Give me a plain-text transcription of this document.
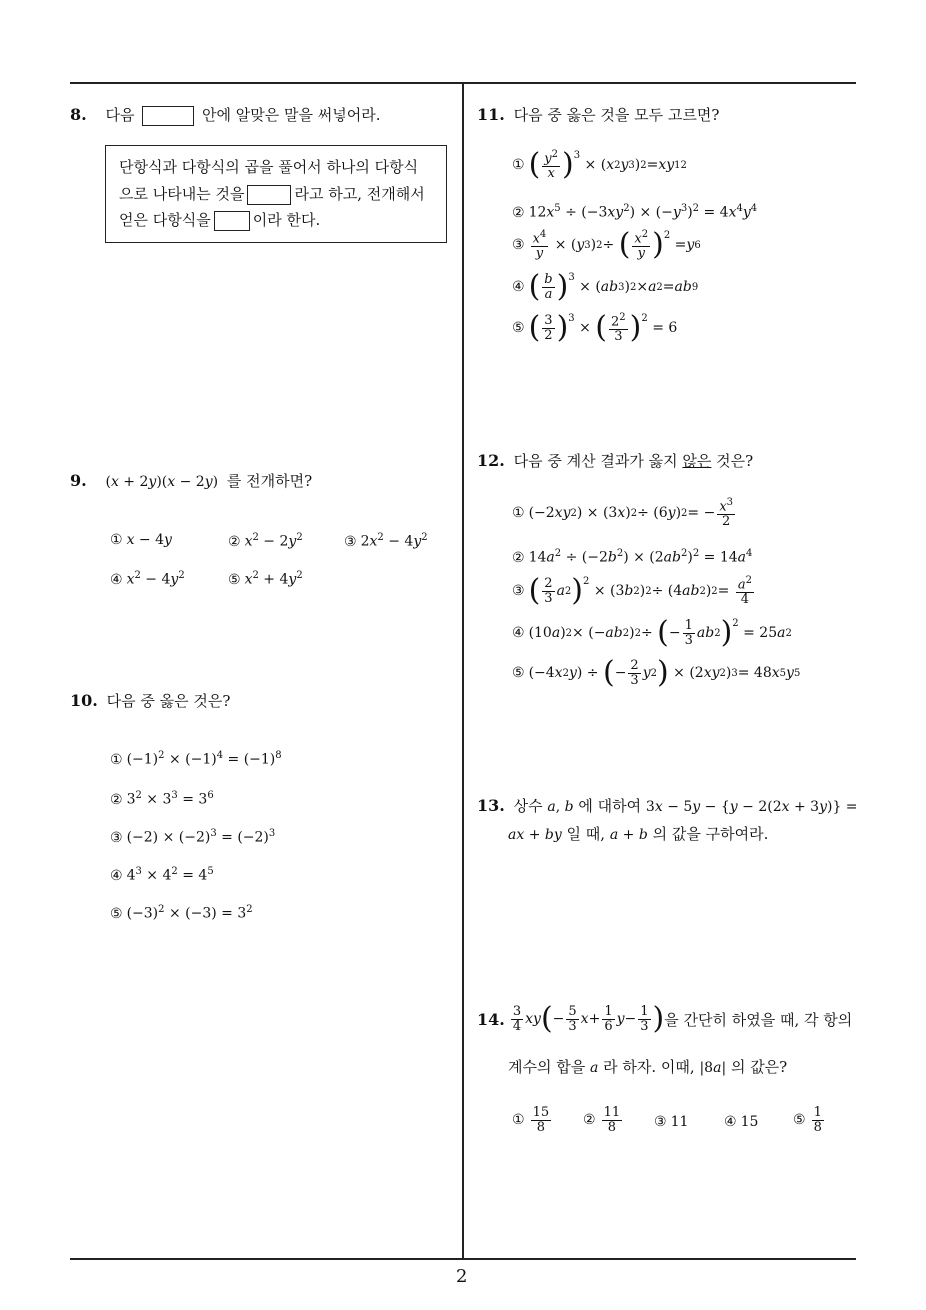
2
8. 다음	안에 알맞은 말을 써넣어라.
단항식과 다항식의 곱을 풀어서 하나의 다항식
으로 나타내는 것을	라고 하고, 전개해서
얻은 다항식을	이라 한다.
9. (x + 2y)(x − 2y) 를 전개하면?
① x − 4y	② $x^2 - 2y^2$	③ $2x^2 - 4y^2$
④ $x^2 - 4y^2$	⑤ $x^2 + 4y^2$
10. 다음 중 옳은 것은?
① $(-1)^2 \times (-1)^4 = (-1)^8$
② $3^2 \times 3^3 = 3^6$
③ $(-2) \times (-2)^3 = (-2)^3$
④ $4^3 \times 4^2 = 4^5$
⑤ $(-3)^2 \times (-3) = 3^2$
11. 다음 중 옳은 것을 모두 고르면?
① ( $\frac{y^2}{x} )^3$
× ( x 2 y 3 ) 2 = xy 12
② $12x^5 \div (-3xy^2) \times (-y^3)^2 = 4x^4y^4$
③ $\frac{x^4}{y}$ × ( y 3 ) 2 ÷ ( $\frac{x^2}{y} )^2$
= y 6
④ ( $\frac{b}{a} )^3$
× ( ab 3 ) 2 × a 2 = ab 9
⑤ ( $\frac{3}{2} )^3$
× ( $\frac{2^2}{3} )^2$
= 6
12. 다음 중 계산 결과가 옳지 않은 것은?
① (−2 xy 2 ) × (3 x ) 2 ÷ (6 y ) 2 = − $\frac{x^3}{2}$
② $14a^2 \div (-2b^2) \times (2ab^2)^2 = 14a^4$
③ ( $\frac{2}{3}$ a 2 )$^2$
× (3 b 2 ) 2 ÷ (4 ab 2 ) $2 = \frac{a^2}{4}$
④ (10 a ) 2 × (− ab 2 ) 2 ÷ ( − $\frac{1}{3}$ ab 2 )$^2$
= 25 a 2
⑤ (−4 x 2 y ) ÷ ( − $\frac{2}{3}$ y 2 ) × (2 xy 2 ) 3 = 48 x 5 y 5
13. 상수 a, b 에 대하여 3x − 5y − {y − 2(2x + 3y)} =
ax + by 일 때, a + b 의 값을 구하여라.
14. $\frac{3}{4}$ xy ( − $\frac{5}{3}$ $x + \frac{1}{6}$ $y - \frac{1}{3}$ ) 을 간단히 하였을 때, 각 항의
계수의 합을 a 라 하자. 이때, |8a| 의 값은?
① $\frac{15}{8}$ ② $\frac{11}{8}$ ③ 11	④ 15 ⑤ $\frac{1}{8}$
